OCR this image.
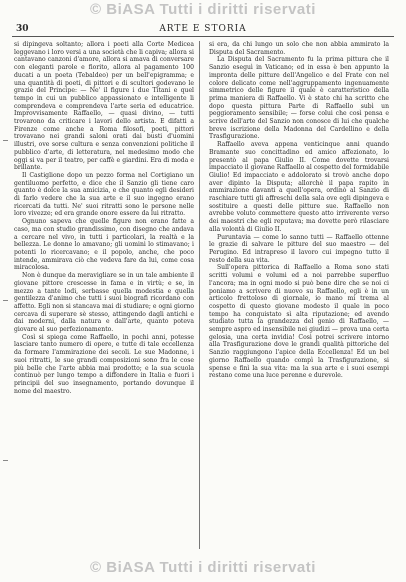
© BiASA Tutti i diritti riservati
30	ARTE E STORIA

si dipingeva soltanto; allora i poeti alla Corte Medicea leggevano i loro versi a una società che li capiva; allora si cantavano canzoni d'amore, allora si amava di conversare con eleganti parole e fiorito, allora al pagamento 100 ducati a un poeta (Tebaldeo) per un bell'epigramma; e una quantità di poeti, di pittori e di scultori godevano le grazie del Principe: — Ne' il figure i due Titani e quel tempo in cui un pubblico appassionato e intelligente li comprendeva e comprendeva l'arte seria ed educatrice. Improvvisamente Raffaello, — quasi divino, — tutti trovarono da criticare i lavori dello artista. E difatti a Firenze come anche a Roma filosofi, poeti, pittori trovavano nei grandi saloni orati dai busti d'uomini illustri, ove sorse cultura e senza convenzioni politiche il pubblico d'arte, di letteratura, nel medesimo modo che oggi si va per il teatro, per caffè e giardini. Era di moda e brillante.

Il Castiglione dopo un pezzo forma nel Cortigiano un gentiluomo perfetto, e dice che il Sanzio gli tiene caro quanto è dolce la sua amicizia, e che quanto egli desideri di farlo vedere che la sua arte e il suo ingegno erano ricercati da tutti. Ne' suoi ritratti sono le persone nelle loro vivezze; ed era grande onore essere da lui ritratto.

Ognuno sapeva che quelle figure non erano fatte a caso, ma con studio grandissimo, con disegno che andava a cercare nel vivo, in tutti i particolari, la realtà e la bellezza. Le donne lo amavano; gli uomini lo stimavano; i potenti lo ricercavano; e il popolo, anche, che poco intende, ammirava ciò che vedeva fare da lui, come cosa miracolosa.

Non è dunque da meravigliare se in un tale ambiente il giovane pittore crescesse in fama e in virtù; e se, in mezzo a tante lodi, serbasse quella modestia e quella gentilezza d'animo che tutti i suoi biografi ricordano con affetto. Egli non si stancava mai di studiare; e ogni giorno cercava di superare sè stesso, attingendo dagli antichi e dai moderni, dalla natura e dall'arte, quanto poteva giovare al suo perfezionamento.

Così si spiega come Raffaello, in pochi anni, potesse lasciare tanto numero di opere, e tutte di tale eccellenza da formare l'ammirazione dei secoli. Le sue Madonne, i suoi ritratti, le sue grandi composizioni sono fra le cose più belle che l'arte abbia mai prodotto; e la sua scuola continuò per lungo tempo a diffondere in Italia e fuori i principii del suo insegnamento, portando dovunque il nome del maestro.

si era, da chi lungo un solo che non abbia ammirato la Disputa del Sacramento.

La Disputa del Sacramento fu la prima pittura che il Sanzio eseguì in Vaticano; ed in essa è ben appunto la impronta delle pitture dell'Angelico e del Frate con nel colore delicato come nell'aggruppamento ingenuamente simmetrico delle figure il quale è caratteristico della prima maniera di Raffaello. Vi è stato chi ha scritto che dopo questa pittura Parte di Raffaello subì un peggioramento sensibile; — forse colui che così pensa e scrive dell'arte del Sanzio non conosce di lui che qualche breve iscrizione della Madonna del Cardellino e della Trasfigurazione.

Raffaello aveva appena venticinque anni quando Bramante suo concittadino ed amico affezionato, lo presentò al papa Giulio II. Come dovette trovarsi impacciato il giovane Raffaello al cospetto del formidabile Giulio! Ed impacciato e addolorato si trovò anche dopo aver dipinto la Disputa; allorchè il papa rapito in ammirazione davanti a quell'opera, ordinò al Sanzio di raschiare tutti gli affreschi della sala ove egli dipingeva e sostituire a questi delle pitture sue. Raffaello non avrebbe voluto commettere questo atto irriverente verso dei maestri che egli reputava; ma dovette però rilasciare alla volontà di Giulio II.

Puruntavia — come lo sanno tutti — Raffaello ottenne le grazie di salvare le pitture del suo maestro — del Perugino. Ed intrapreso il lavoro cui impegno tutto il resto della sua vita.

Sull'opera pittorica di Raffaello a Roma sono stati scritti volumi e volumi ed a noi parrebbe superfluo l'ancora; ma in ogni modo si può bene dire che se noi ci poniamo a scrivere di nuovo su Raffaello, egli è in un articolo frettoloso di giornale, io mano mi trema al cospetto di questo giovane modesto il quale in poco tempo ha conquistato sì alta riputazione; ed avendo studiato tutta la grandezza del genio di Raffaello, — sempre aspro ed insensibile nei giudizi — prova una certa gelosia, una certa invidia! Così potrei scrivere intorno alla Trasfigurazione dove le grandi qualità pittoriche del Sanzio raggiungono l'apice della Eccellenza! Ed un bel giorno Raffaello quando compì la Trasfigurazione, si spense e finì la sua vita: ma la sua arte e i suoi esempi restano come una luce perenne e durevole.

© BiASA Tutti i diritti riservati
